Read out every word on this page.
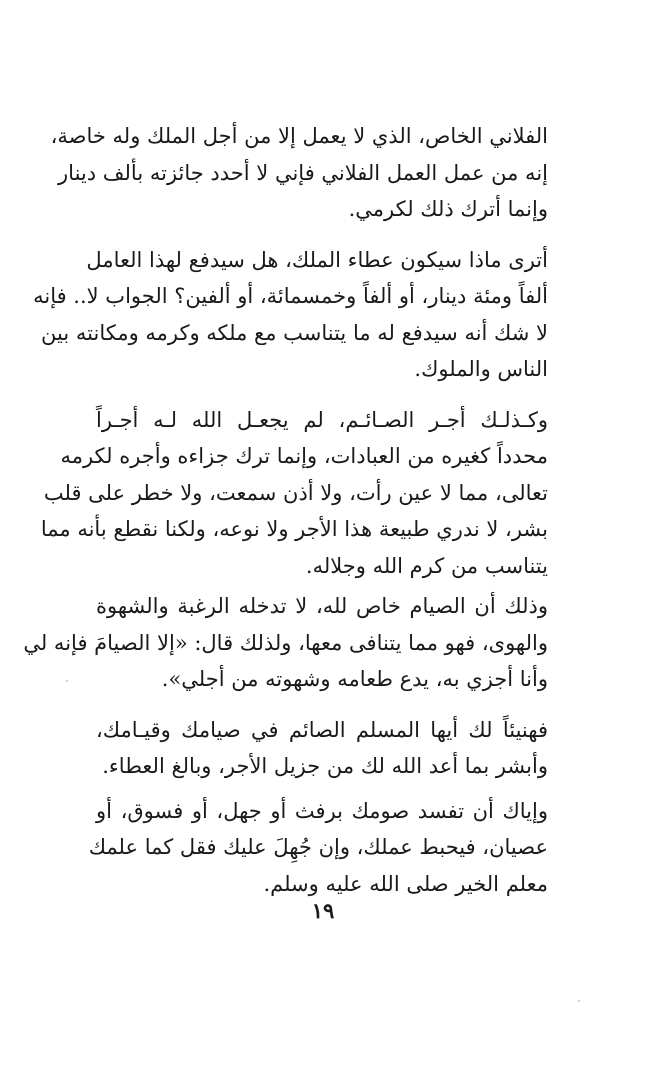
الفلاني الخاص، الذي لا يعمل إلا من أجل الملك وله خاصة،
إنه من عمل العمل الفلاني فإني لا أحدد جائزته بألف دينار
وإنما أترك ذلك لكرمي.
أترى ماذا سيكون عطاء الملك، هل سيدفع لهذا العامل
ألفاً ومئة دينار، أو ألفاً وخمسمائة، أو ألفين؟ الجواب لا.. فإنه
لا شك أنه سيدفع له ما يتناسب مع ملكه وكرمه ومكانته بين
الناس والملوك.
وكـذلـك أجـر الصـائـم، لم يجعـل الله لـه أجـراً
محدداً كغيره من العبادات، وإنما ترك جزاءه وأجره لكرمه
تعالى، مما لا عين رأت، ولا أذن سمعت، ولا خطر على قلب
بشر، لا ندري طبيعة هذا الأجر ولا نوعه، ولكنا نقطع بأنه مما
يتناسب من كرم الله وجلاله.
وذلك أن الصيام خاص لله، لا تدخله الرغبة والشهوة
والهوى، فهو مما يتنافى معها، ولذلك قال: «إلا الصيامَ فإنه لي
وأنا أجزي به، يدع طعامه وشهوته من أجلي».
فهنيئاً لك أيها المسلم الصائم في صيامك وقيـامك،
وأبشر بما أعد الله لك من جزيل الأجر، وبالغ العطاء.
وإياك أن تفسد صومك برفث أو جهل، أو فسوق، أو
عصيان، فيحبط عملك، وإن جُهِلَ عليك فقل كما علمك
معلم الخير صلى الله عليه وسلم.
١٩
